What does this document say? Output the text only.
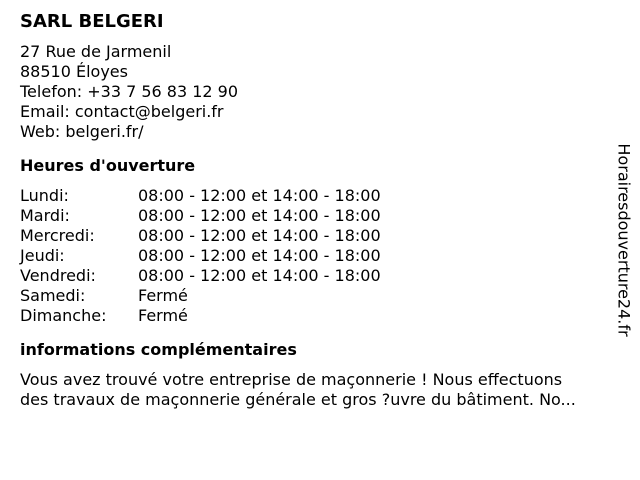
SARL BELGERI
27 Rue de Jarmenil
88510 Éloyes
Telefon: +33 7 56 83 12 90
Email: contact@belgeri.fr
Web: belgeri.fr/
Heures d'ouverture
Lundi:	08:00 - 12:00 et 14:00 - 18:00
Mardi:	08:00 - 12:00 et 14:00 - 18:00
Mercredi:	08:00 - 12:00 et 14:00 - 18:00
Jeudi:	08:00 - 12:00 et 14:00 - 18:00
Vendredi:	08:00 - 12:00 et 14:00 - 18:00
Samedi:	Fermé
Dimanche:	Fermé
informations complémentaires
Vous avez trouvé votre entreprise de maçonnerie ! Nous effectuons
des travaux de maçonnerie générale et gros ?uvre du bâtiment. No...
Horairesdouverture24.fr
